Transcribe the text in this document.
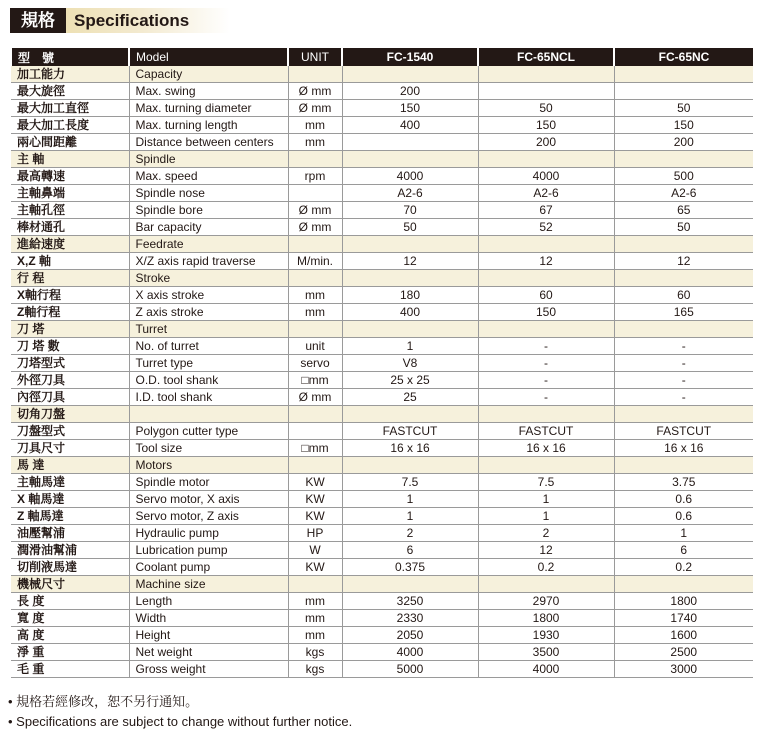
規格	Specifications
型　號	Model	UNIT	FC-1540	FC-65NCL	FC-65NC
加工能力	Capacity				
最大旋徑	Max. swing	Ø mm	200		
最大加工直徑	Max. turning diameter	Ø mm	150	50	50
最大加工長度	Max. turning length	mm	400	150	150
兩心間距離	Distance between centers	mm		200	200
主 軸	Spindle				
最高轉速	Max. speed	rpm	4000	4000	500
主軸鼻端	Spindle nose		A2-6	A2-6	A2-6
主軸孔徑	Spindle bore	Ø mm	70	67	65
棒材通孔	Bar capacity	Ø mm	50	52	50
進給速度	Feedrate				
X,Z 軸	X/Z axis rapid traverse	M/min.	12	12	12
行 程	Stroke				
X軸行程	X axis stroke	mm	180	60	60
Z軸行程	Z axis stroke	mm	400	150	165
刀 塔	Turret				
刀 塔 數	No. of turret	unit	1	-	-
刀塔型式	Turret type	servo	V8	-	-
外徑刀具	O.D. tool shank	□mm	25 x 25	-	-
內徑刀具	I.D. tool shank	Ø mm	25	-	-
切角刀盤					
刀盤型式	Polygon cutter type		FASTCUT	FASTCUT	FASTCUT
刀具尺寸	Tool size	□mm	16 x 16	16 x 16	16 x 16
馬 達	Motors				
主軸馬達	Spindle motor	KW	7.5	7.5	3.75
X 軸馬達	Servo motor, X axis	KW	1	1	0.6
Z 軸馬達	Servo motor, Z axis	KW	1	1	0.6
油壓幫浦	Hydraulic pump	HP	2	2	1
潤滑油幫浦	Lubrication pump	W	6	12	6
切削液馬達	Coolant pump	KW	0.375	0.2	0.2
機械尺寸	Machine size				
長 度	Length	mm	3250	2970	1800
寬 度	Width	mm	2330	1800	1740
高 度	Height	mm	2050	1930	1600
淨 重	Net weight	kgs	4000	3500	2500
毛 重	Gross weight	kgs	5000	4000	3000
• 規格若經修改，恕不另行通知。
• Specifications are subject to change without further notice.
